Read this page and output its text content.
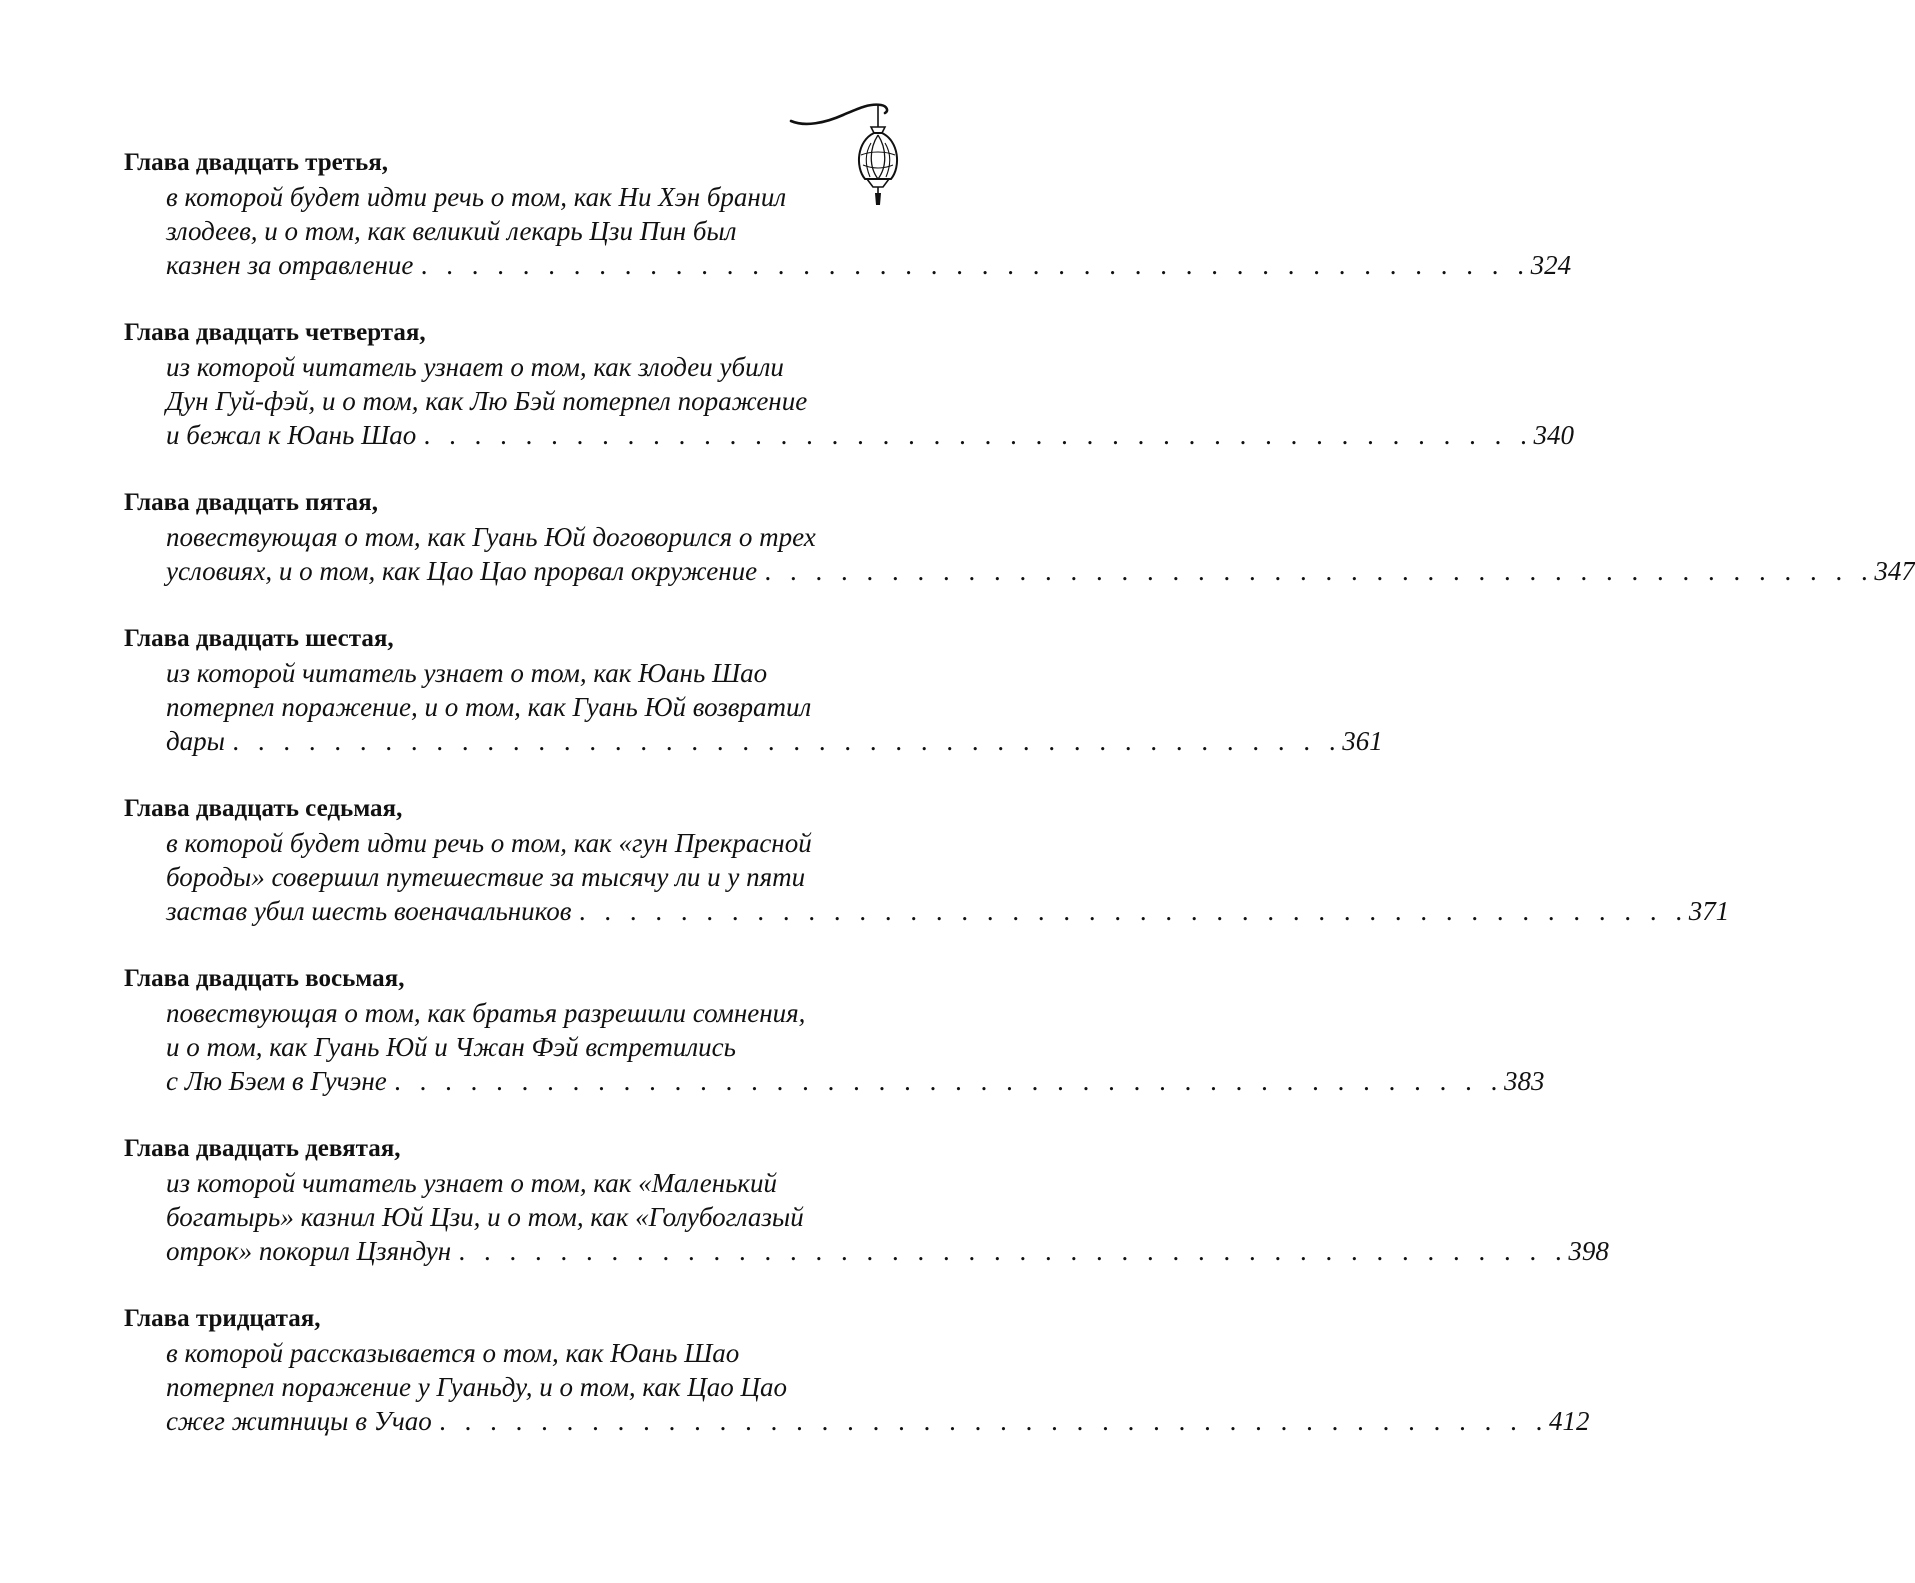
Глава двадцать третья,
в которой будет идти речь о том, как Ни Хэн бранил
злодеев, и о том, как великий лекарь Цзи Пин был
казнен за отравление . . . . . . . . . . . . . . . . . . . . . . . . . . . . . . . . . . . . . . . . . . . . 324
Глава двадцать четвертая,
из которой читатель узнает о том, как злодеи убили
Дун Гуй-фэй, и о том, как Лю Бэй потерпел поражение
и бежал к Юань Шао . . . . . . . . . . . . . . . . . . . . . . . . . . . . . . . . . . . . . . . . . . . . 340
Глава двадцать пятая,
повествующая о том, как Гуань Юй договорился о трех
условиях, и о том, как Цао Цао прорвал окружение . . . . . . . . . . . . . . . . . . . . . . . . . . . . . . . . . . . . . . . . . . . . 347
Глава двадцать шестая,
из которой читатель узнает о том, как Юань Шао
потерпел поражение, и о том, как Гуань Юй возвратил
дары . . . . . . . . . . . . . . . . . . . . . . . . . . . . . . . . . . . . . . . . . . . . 361
Глава двадцать седьмая,
в которой будет идти речь о том, как «гун Прекрасной
бороды» совершил путешествие за тысячу ли и у пяти
застав убил шесть военачальников . . . . . . . . . . . . . . . . . . . . . . . . . . . . . . . . . . . . . . . . . . . . 371
Глава двадцать восьмая,
повествующая о том, как братья разрешили сомнения,
и о том, как Гуань Юй и Чжан Фэй встретились
с Лю Бэем в Гучэне . . . . . . . . . . . . . . . . . . . . . . . . . . . . . . . . . . . . . . . . . . . . 383
Глава двадцать девятая,
из которой читатель узнает о том, как «Маленький
богатырь» казнил Юй Цзи, и о том, как «Голубоглазый
отрок» покорил Цзяндун . . . . . . . . . . . . . . . . . . . . . . . . . . . . . . . . . . . . . . . . . . . . 398
Глава тридцатая,
в которой рассказывается о том, как Юань Шао
потерпел поражение у Гуаньду, и о том, как Цао Цао
сжег житницы в Учао . . . . . . . . . . . . . . . . . . . . . . . . . . . . . . . . . . . . . . . . . . . . 412
